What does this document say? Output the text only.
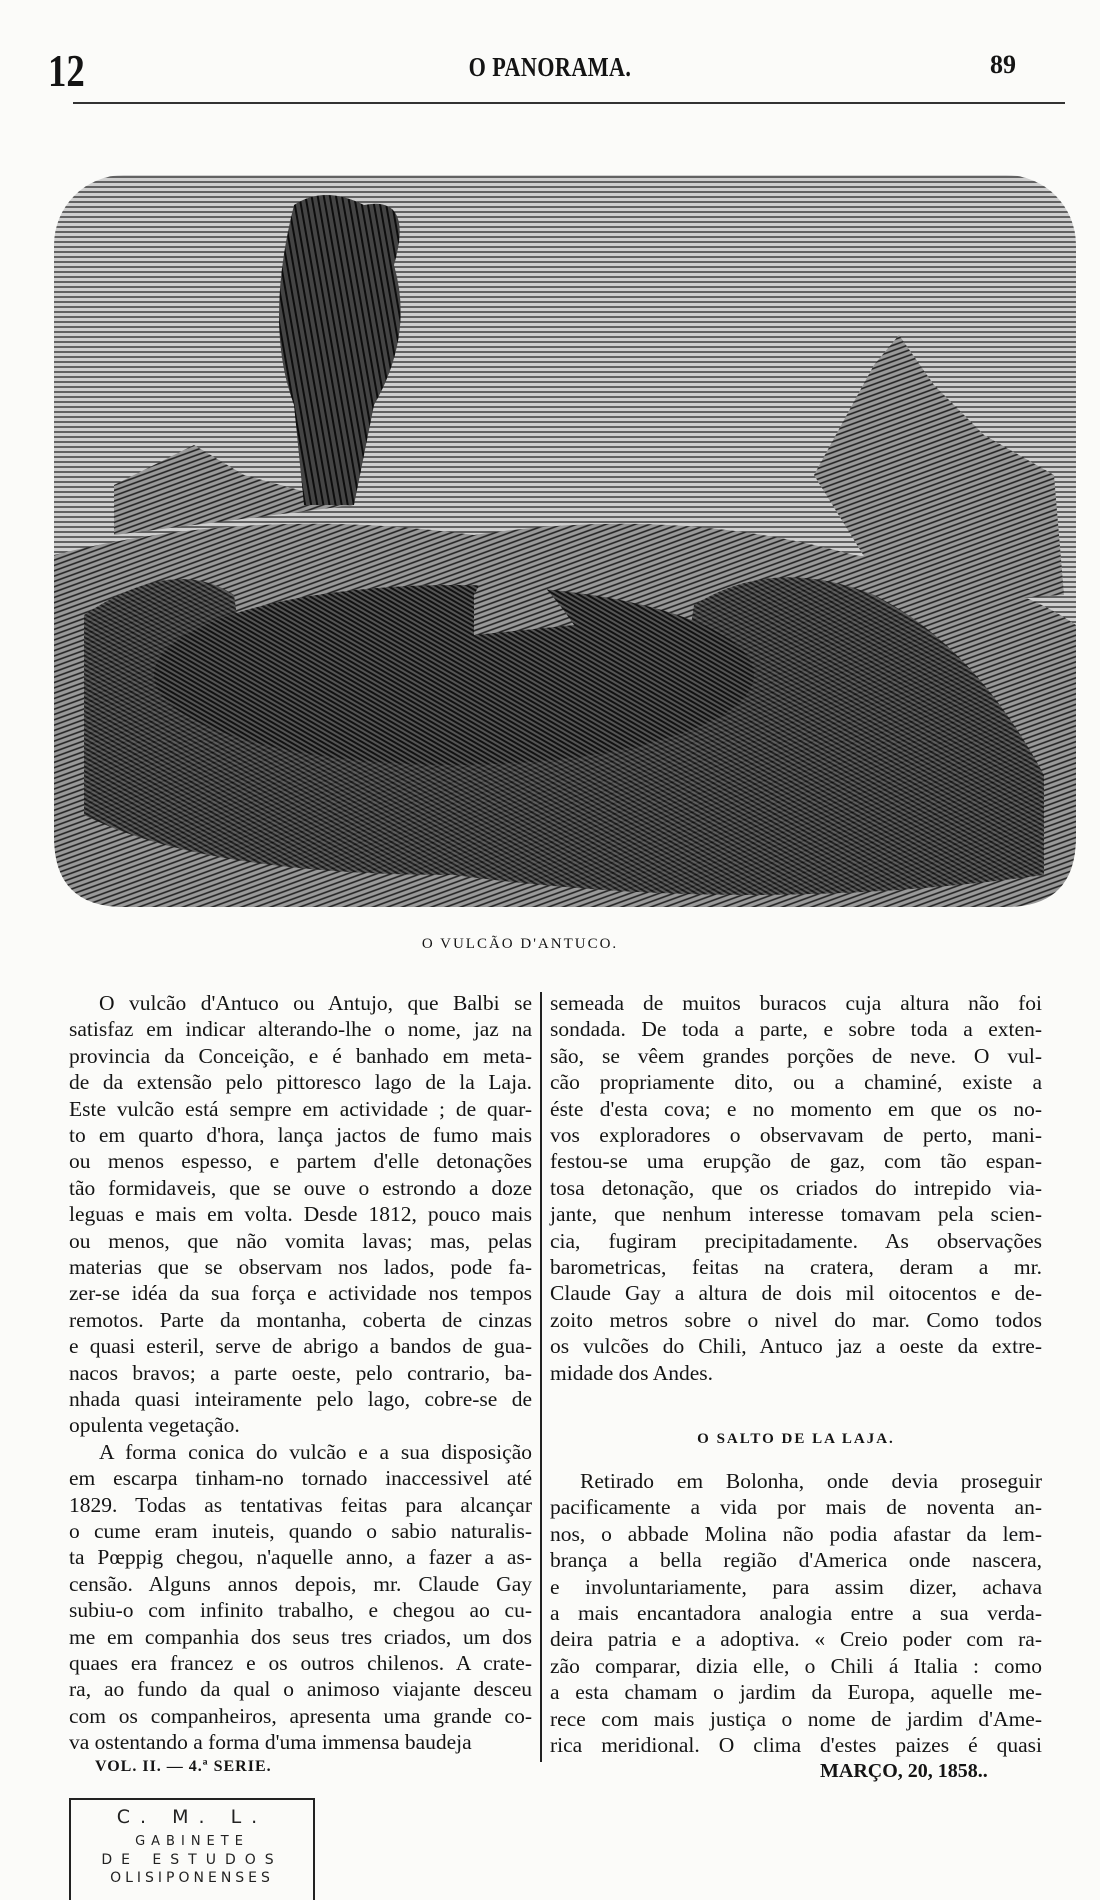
12	O PANORAMA.	89
O VULCÃO D'ANTUCO.
O vulcão d'Antuco ou Antujo, que Balbi se
satisfaz em indicar alterando-lhe o nome, jaz na
provincia da Conceição, e é banhado em meta-
de da extensão pelo pittoresco lago de la Laja.
Este vulcão está sempre em actividade ; de quar-
to em quarto d'hora, lança jactos de fumo mais
ou menos espesso, e partem d'elle detonações
tão formidaveis, que se ouve o estrondo a doze
leguas e mais em volta. Desde 1812, pouco mais
ou menos, que não vomita lavas; mas, pelas
materias que se observam nos lados, pode fa-
zer-se idéa da sua força e actividade nos tempos
remotos. Parte da montanha, coberta de cinzas
e quasi esteril, serve de abrigo a bandos de gua-
nacos bravos; a parte oeste, pelo contrario, ba-
nhada quasi inteiramente pelo lago, cobre-se de
opulenta vegetação.
A forma conica do vulcão e a sua disposição
em escarpa tinham-no tornado inaccessivel até
1829. Todas as tentativas feitas para alcançar
o cume eram inuteis, quando o sabio naturalis-
ta Pœppig chegou, n'aquelle anno, a fazer a as-
censão. Alguns annos depois, mr. Claude Gay
subiu-o com infinito trabalho, e chegou ao cu-
me em companhia dos seus tres criados, um dos
quaes era francez e os outros chilenos. A crate-
ra, ao fundo da qual o animoso viajante desceu
com os companheiros, apresenta uma grande co-
va ostentando a forma d'uma immensa baudeja
semeada de muitos buracos cuja altura não foi
sondada. De toda a parte, e sobre toda a exten-
são, se vêem grandes porções de neve. O vul-
cão propriamente dito, ou a chaminé, existe a
éste d'esta cova; e no momento em que os no-
vos exploradores o observavam de perto, mani-
festou-se uma erupção de gaz, com tão espan-
tosa detonação, que os criados do intrepido via-
jante, que nenhum interesse tomavam pela scien-
cia, fugiram precipitadamente. As observações
barometricas, feitas na cratera, deram a mr.
Claude Gay a altura de dois mil oitocentos e de-
zoito metros sobre o nivel do mar. Como todos
os vulcões do Chili, Antuco jaz a oeste da extre-
midade dos Andes.
O SALTO DE LA LAJA.
Retirado em Bolonha, onde devia proseguir
pacificamente a vida por mais de noventa an-
nos, o abbade Molina não podia afastar da lem-
brança a bella região d'America onde nascera,
e involuntariamente, para assim dizer, achava
a mais encantadora analogia entre a sua verda-
deira patria e a adoptiva. « Creio poder com ra-
zão comparar, dizia elle, o Chili á Italia : como
a esta chamam o jardim da Europa, aquelle me-
rece com mais justiça o nome de jardim d'Ame-
rica meridional. O clima d'estes paizes é quasi
VOL. II. — 4.ª SERIE.	MARÇO, 20, 1858..
C. M. L.
GABINETE
DE ESTUDOS
OLISIPONENSES
